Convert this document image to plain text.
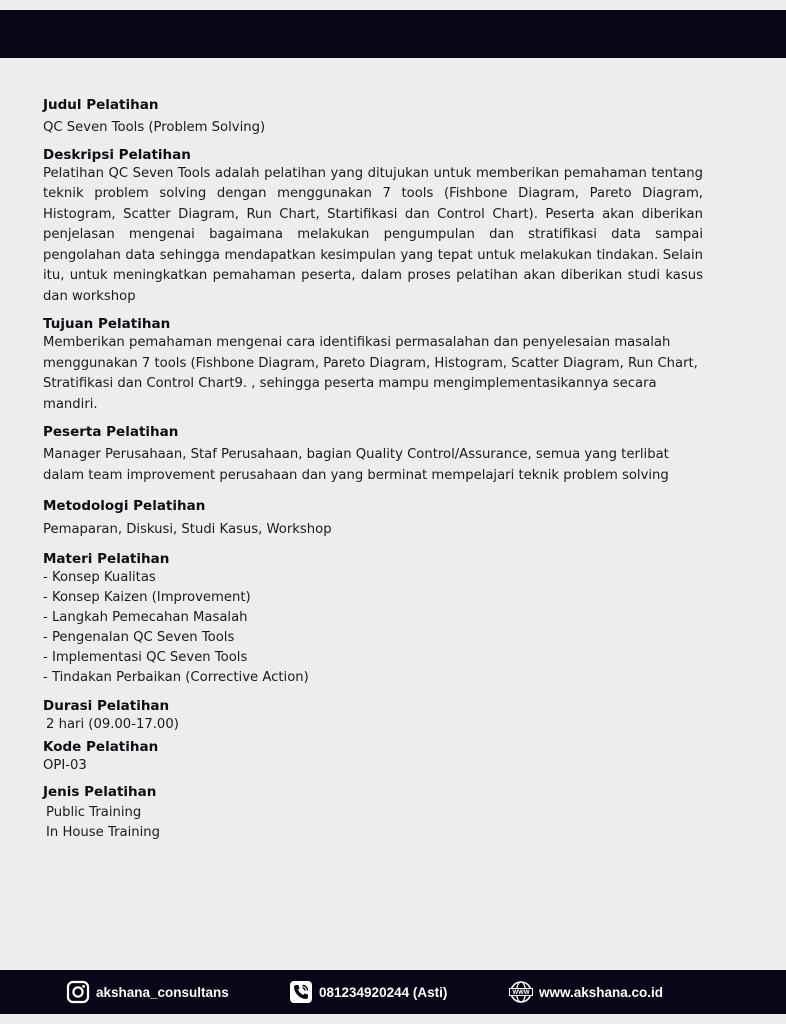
Judul Pelatihan
QC Seven Tools (Problem Solving)
Deskripsi Pelatihan
Pelatihan QC Seven Tools adalah pelatihan yang ditujukan untuk memberikan pemahaman tentang teknik problem solving dengan menggunakan 7 tools (Fishbone Diagram, Pareto Diagram, Histogram, Scatter Diagram, Run Chart, Startifikasi dan Control Chart). Peserta akan diberikan penjelasan mengenai bagaimana melakukan pengumpulan dan stratifikasi data sampai pengolahan data sehingga mendapatkan kesimpulan yang tepat untuk melakukan tindakan. Selain itu, untuk meningkatkan pemahaman peserta, dalam proses pelatihan akan diberikan studi kasus dan workshop
Tujuan Pelatihan
Memberikan pemahaman mengenai cara identifikasi permasalahan dan penyelesaian masalah
menggunakan 7 tools (Fishbone Diagram, Pareto Diagram, Histogram, Scatter Diagram, Run Chart,
Stratifikasi dan Control Chart9. , sehingga peserta mampu mengimplementasikannya secara mandiri.
Peserta Pelatihan
Manager Perusahaan, Staf Perusahaan, bagian Quality Control/Assurance, semua yang terlibat
dalam team improvement perusahaan dan yang berminat mempelajari teknik problem solving
Metodologi Pelatihan
Pemaparan, Diskusi, Studi Kasus, Workshop
Materi Pelatihan
- Konsep Kualitas
- Konsep Kaizen (Improvement)
- Langkah Pemecahan Masalah
- Pengenalan QC Seven Tools
- Implementasi QC Seven Tools
- Tindakan Perbaikan (Corrective Action)
Durasi Pelatihan
2 hari (09.00-17.00)
Kode Pelatihan
OPI-03
Jenis Pelatihan
Public Training
In House Training
akshana_consultans	081234920244 (Asti)	WWW www.akshana.co.id
